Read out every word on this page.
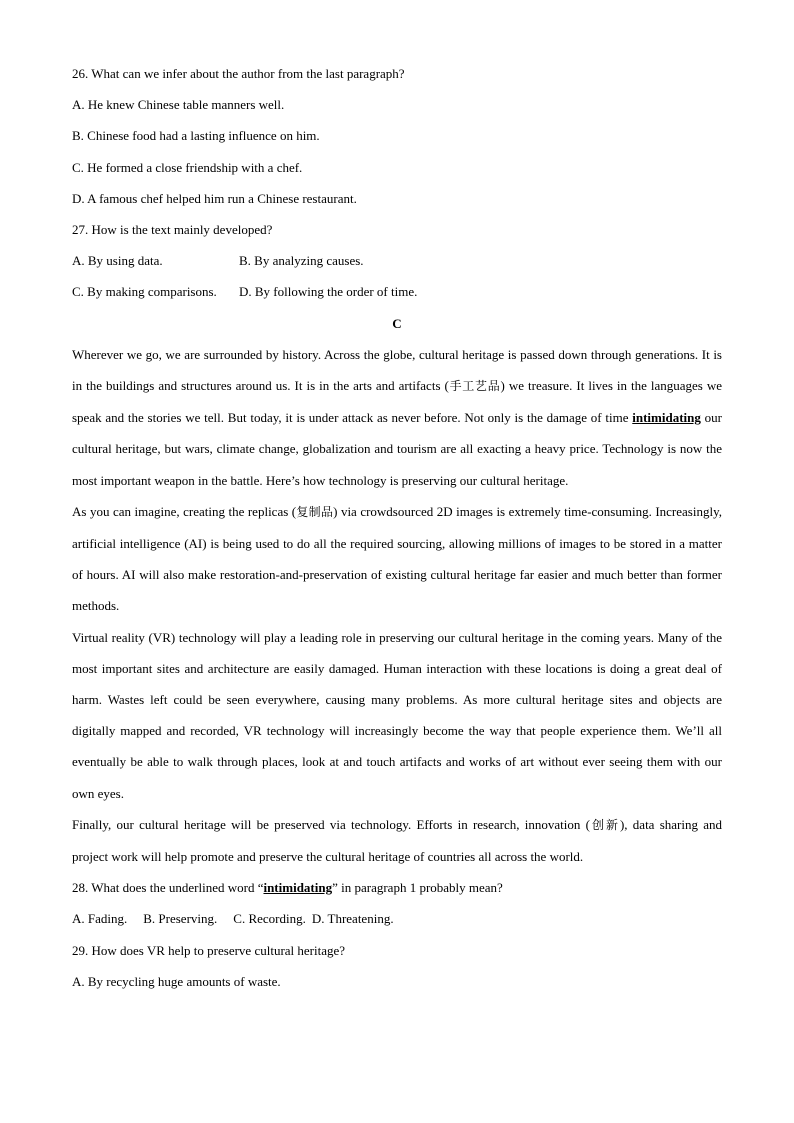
26. What can we infer about the author from the last paragraph?
A. He knew Chinese table manners well.
B. Chinese food had a lasting influence on him.
C. He formed a close friendship with a chef.
D. A famous chef helped him run a Chinese restaurant.
27. How is the text mainly developed?
A. By using data.	B. By analyzing causes.
C. By making comparisons.	D. By following the order of time.
C
Wherever we go, we are surrounded by history. Across the globe, cultural heritage is passed down through generations. It is in the buildings and structures around us. It is in the arts and artifacts (手工艺品) we treasure. It lives in the languages we speak and the stories we tell. But today, it is under attack as never before. Not only is the damage of time intimidating our cultural heritage, but wars, climate change, globalization and tourism are all exacting a heavy price. Technology is now the most important weapon in the battle. Here’s how technology is preserving our cultural heritage.
As you can imagine, creating the replicas (复制品) via crowdsourced 2D images is extremely time-consuming. Increasingly, artificial intelligence (AI) is being used to do all the required sourcing, allowing millions of images to be stored in a matter of hours. AI will also make restoration-and-preservation of existing cultural heritage far easier and much better than former methods.
Virtual reality (VR) technology will play a leading role in preserving our cultural heritage in the coming years. Many of the most important sites and architecture are easily damaged. Human interaction with these locations is doing a great deal of harm. Wastes left could be seen everywhere, causing many problems. As more cultural heritage sites and objects are digitally mapped and recorded, VR technology will increasingly become the way that people experience them. We’ll all eventually be able to walk through places, look at and touch artifacts and works of art without ever seeing them with our own eyes.
Finally, our cultural heritage will be preserved via technology. Efforts in research, innovation (创新), data sharing and project work will help promote and preserve the cultural heritage of countries all across the world.
28. What does the underlined word “intimidating” in paragraph 1 probably mean?
A. Fading. B. Preserving. C. Recording. D. Threatening.
29. How does VR help to preserve cultural heritage?
A. By recycling huge amounts of waste.
